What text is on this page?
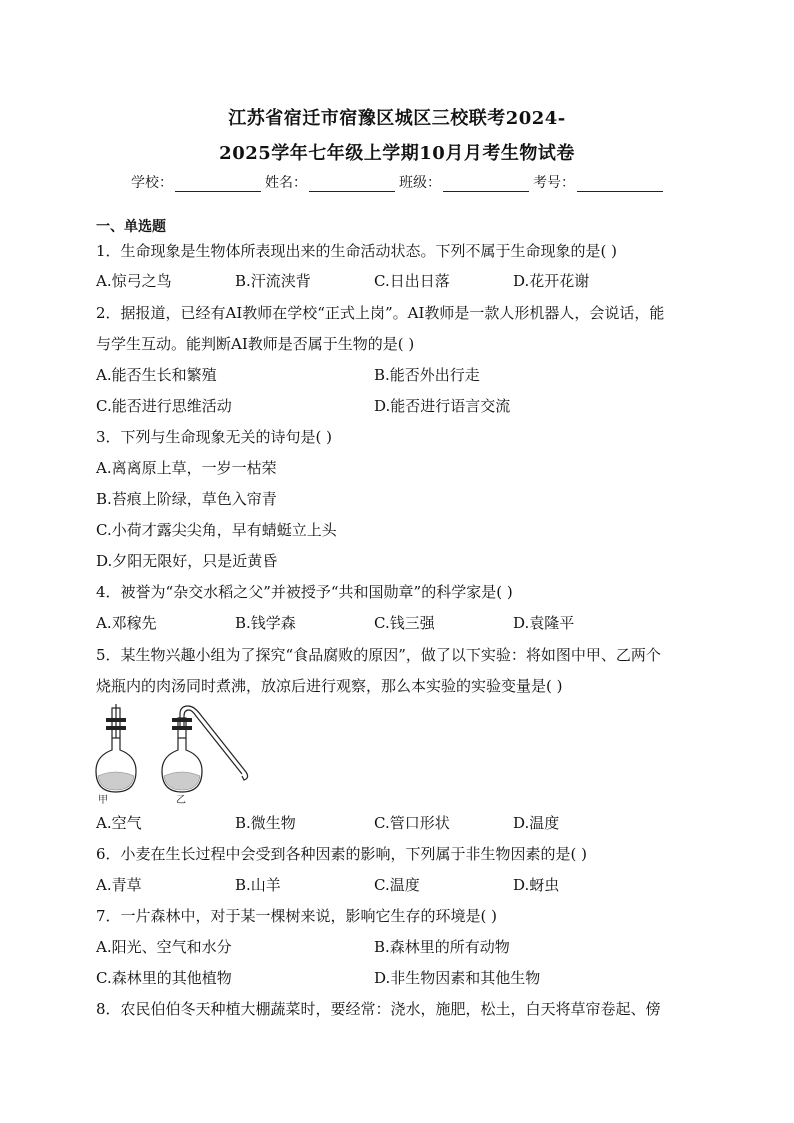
江苏省宿迁市宿豫区城区三校联考2024-
2025学年七年级上学期10月月考生物试卷
学校：	姓名：	班级：	考号：
一、单选题
1．生命现象是生物体所表现出来的生命活动状态。下列不属于生命现象的是( )
A.惊弓之鸟	B.汗流浃背	C.日出日落	D.花开花谢
2．据报道，已经有AI教师在学校“正式上岗”。AI教师是一款人形机器人，会说话，能
与学生互动。能判断AI教师是否属于生物的是( )
A.能否生长和繁殖	B.能否外出行走
C.能否进行思维活动	D.能否进行语言交流
3．下列与生命现象无关的诗句是( )
A.离离原上草，一岁一枯荣
B.苔痕上阶绿，草色入帘青
C.小荷才露尖尖角，早有蜻蜓立上头
D.夕阳无限好，只是近黄昏
4．被誉为“杂交水稻之父”并被授予“共和国勋章”的科学家是( )
A.邓稼先	B.钱学森	C.钱三强	D.袁隆平
5．某生物兴趣小组为了探究“食品腐败的原因”，做了以下实验：将如图中甲、乙两个
烧瓶内的肉汤同时煮沸，放凉后进行观察，那么本实验的实验变量是( )
甲	乙
A.空气	B.微生物	C.管口形状	D.温度
6．小麦在生长过程中会受到各种因素的影响，下列属于非生物因素的是( )
A.青草	B.山羊	C.温度	D.蚜虫
7．一片森林中，对于某一棵树来说，影响它生存的环境是( )
A.阳光、空气和水分	B.森林里的所有动物
C.森林里的其他植物	D.非生物因素和其他生物
8．农民伯伯冬天种植大棚蔬菜时，要经常：浇水，施肥，松土，白天将草帘卷起、傍
